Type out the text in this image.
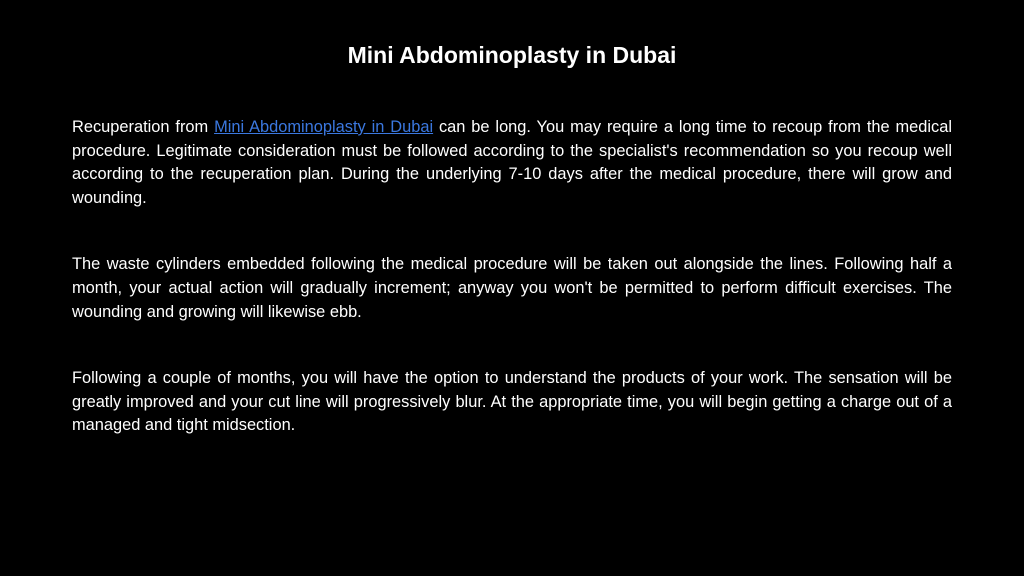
Mini Abdominoplasty in Dubai

Recuperation from Mini Abdominoplasty in Dubai can be long. You may require a long time to recoup from the medical procedure. Legitimate consideration must be followed according to the specialist's recommendation so you recoup well according to the recuperation plan. During the underlying 7-10 days after the medical procedure, there will grow and wounding.

The waste cylinders embedded following the medical procedure will be taken out alongside the lines. Following half a month, your actual action will gradually increment; anyway you won't be permitted to perform difficult exercises. The wounding and growing will likewise ebb.

Following a couple of months, you will have the option to understand the products of your work. The sensation will be greatly improved and your cut line will progressively blur. At the appropriate time, you will begin getting a charge out of a managed and tight midsection.
